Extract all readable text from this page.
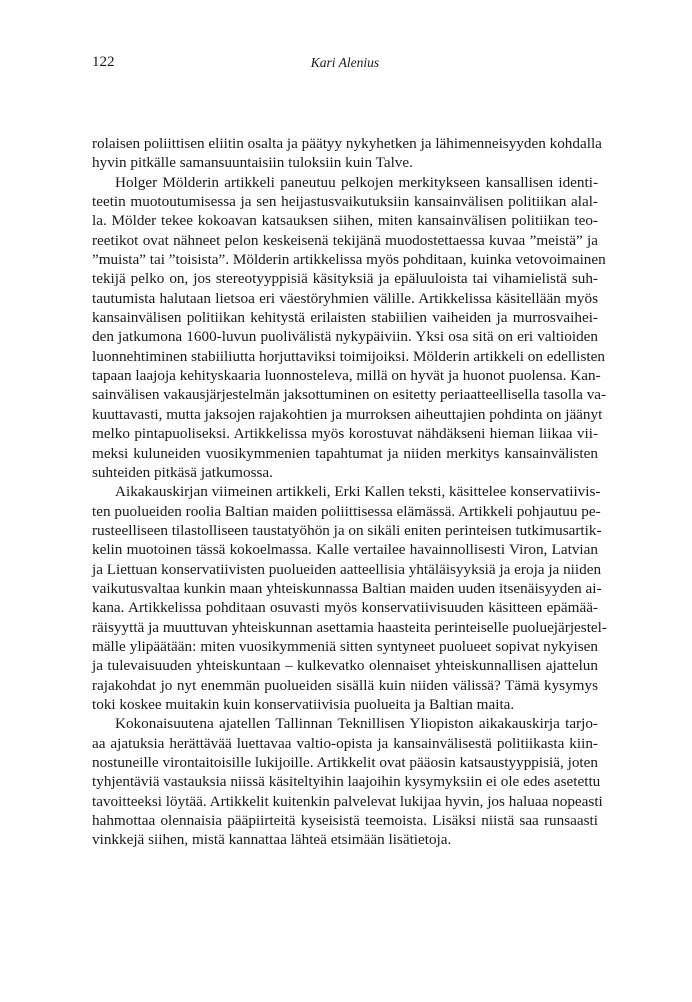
122	Kari Alenius
rolaisen poliittisen eliitin osalta ja päätyy nykyhetken ja lähimenneisyyden kohdalla
hyvin pitkälle samansuuntaisiin tuloksiin kuin Talve.
Holger Mölderin artikkeli paneutuu pelkojen merkitykseen kansallisen identi-
teetin muotoutumisessa ja sen heijastusvaikutuksiin kansainvälisen politiikan alal-
la. Mölder tekee kokoavan katsauksen siihen, miten kansainvälisen politiikan teo-
reetikot ovat nähneet pelon keskeisenä tekijänä muodostettaessa kuvaa ”meistä” ja
”muista” tai ”toisista”. Mölderin artikkelissa myös pohditaan, kuinka vetovoimainen
tekijä pelko on, jos stereotyyppisiä käsityksiä ja epäluuloista tai vihamielistä suh-
tautumista halutaan lietsoa eri väestöryhmien välille. Artikkelissa käsitellään myös
kansainvälisen politiikan kehitystä erilaisten stabiilien vaiheiden ja murrosvaihei-
den jatkumona 1600-luvun puolivälistä nykypäiviin. Yksi osa sitä on eri valtioiden
luonnehtiminen stabiiliutta horjuttaviksi toimijoiksi. Mölderin artikkeli on edellisten
tapaan laajoja kehityskaaria luonnosteleva, millä on hyvät ja huonot puolensa. Kan-
sainvälisen vakausjärjestelmän jaksottuminen on esitetty periaatteellisella tasolla va-
kuuttavasti, mutta jaksojen rajakohtien ja murroksen aiheuttajien pohdinta on jäänyt
melko pintapuoliseksi. Artikkelissa myös korostuvat nähdäkseni hieman liikaa vii-
meksi kuluneiden vuosikymmenien tapahtumat ja niiden merkitys kansainvälisten
suhteiden pitkäsä jatkumossa.
Aikakauskirjan viimeinen artikkeli, Erki Kallen teksti, käsittelee konservatiivis-
ten puolueiden roolia Baltian maiden poliittisessa elämässä. Artikkeli pohjautuu pe-
rusteelliseen tilastolliseen taustatyöhön ja on sikäli eniten perinteisen tutkimusartik-
kelin muotoinen tässä kokoelmassa. Kalle vertailee havainnollisesti Viron, Latvian
ja Liettuan konservatiivisten puolueiden aatteellisia yhtäläisyyksiä ja eroja ja niiden
vaikutusvaltaa kunkin maan yhteiskunnassa Baltian maiden uuden itsenäisyyden ai-
kana. Artikkelissa pohditaan osuvasti myös konservatiivisuuden käsitteen epämää-
räisyyttä ja muuttuvan yhteiskunnan asettamia haasteita perinteiselle puoluejärjestel-
mälle ylipäätään: miten vuosikymmeniä sitten syntyneet puolueet sopivat nykyisen
ja tulevaisuuden yhteiskuntaan – kulkevatko olennaiset yhteiskunnallisen ajattelun
rajakohdat jo nyt enemmän puolueiden sisällä kuin niiden välissä? Tämä kysymys
toki koskee muitakin kuin konservatiivisia puolueita ja Baltian maita.
Kokonaisuutena ajatellen Tallinnan Teknillisen Yliopiston aikakauskirja tarjo-
aa ajatuksia herättävää luettavaa valtio-opista ja kansainvälisestä politiikasta kiin-
nostuneille virontaitoisille lukijoille. Artikkelit ovat pääosin katsaustyyppisiä, joten
tyhjentäviä vastauksia niissä käsiteltyihin laajoihin kysymyksiin ei ole edes asetettu
tavoitteeksi löytää. Artikkelit kuitenkin palvelevat lukijaa hyvin, jos haluaa nopeasti
hahmottaa olennaisia pääpiirteitä kyseisistä teemoista. Lisäksi niistä saa runsaasti
vinkkejä siihen, mistä kannattaa lähteä etsimään lisätietoja.
